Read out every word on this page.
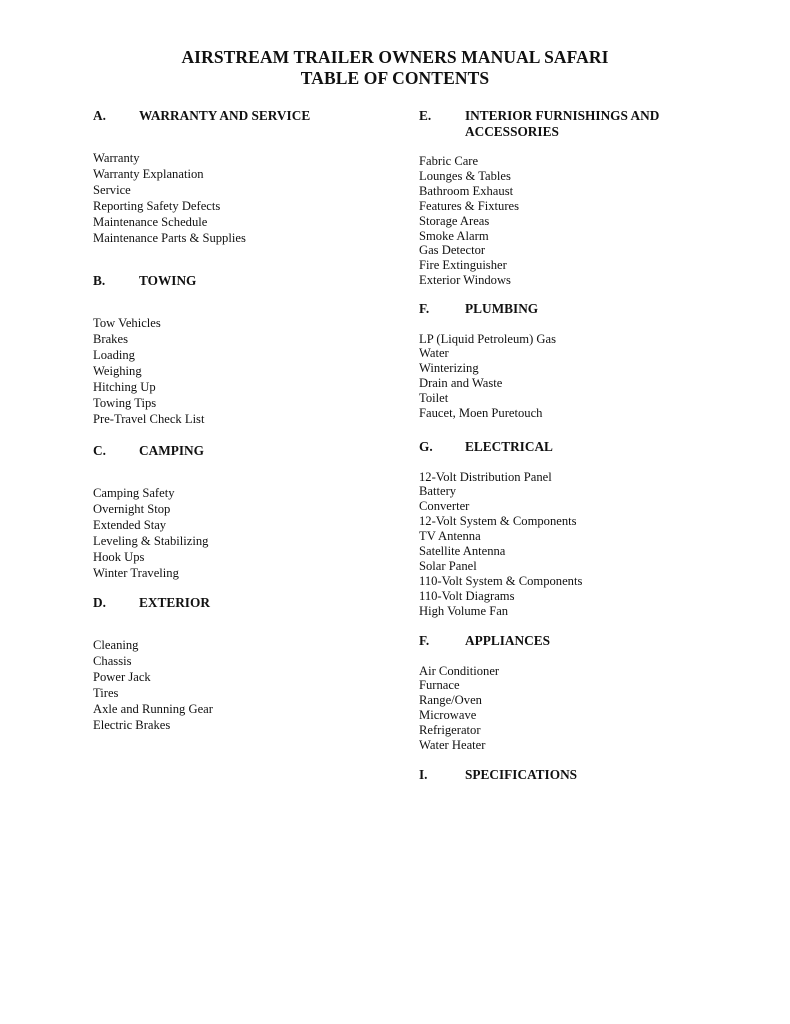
AIRSTREAM TRAILER OWNERS MANUAL SAFARI
TABLE OF CONTENTS
A.	WARRANTY AND SERVICE
Warranty
Warranty Explanation
Service
Reporting Safety Defects
Maintenance Schedule
Maintenance Parts & Supplies
B.	TOWING
Tow Vehicles
Brakes
Loading
Weighing
Hitching Up
Towing Tips
Pre-Travel Check List
C.	CAMPING
Camping Safety
Overnight Stop
Extended Stay
Leveling & Stabilizing
Hook Ups
Winter Traveling
D.	EXTERIOR
Cleaning
Chassis
Power Jack
Tires
Axle and Running Gear
Electric Brakes
E.	INTERIOR FURNISHINGS AND ACCESSORIES
Fabric Care
Lounges & Tables
Bathroom Exhaust
Features & Fixtures
Storage Areas
Smoke Alarm
Gas Detector
Fire Extinguisher
Exterior Windows
F.	PLUMBING
LP (Liquid Petroleum) Gas
Water
Winterizing
Drain and Waste
Toilet
Faucet, Moen Puretouch
G.	ELECTRICAL
12-Volt Distribution Panel
Battery
Converter
12-Volt System & Components
TV Antenna
Satellite Antenna
Solar Panel
110-Volt System & Components
110-Volt Diagrams
High Volume Fan
F.	APPLIANCES
Air Conditioner
Furnace
Range/Oven
Microwave
Refrigerator
Water Heater
I.	SPECIFICATIONS
